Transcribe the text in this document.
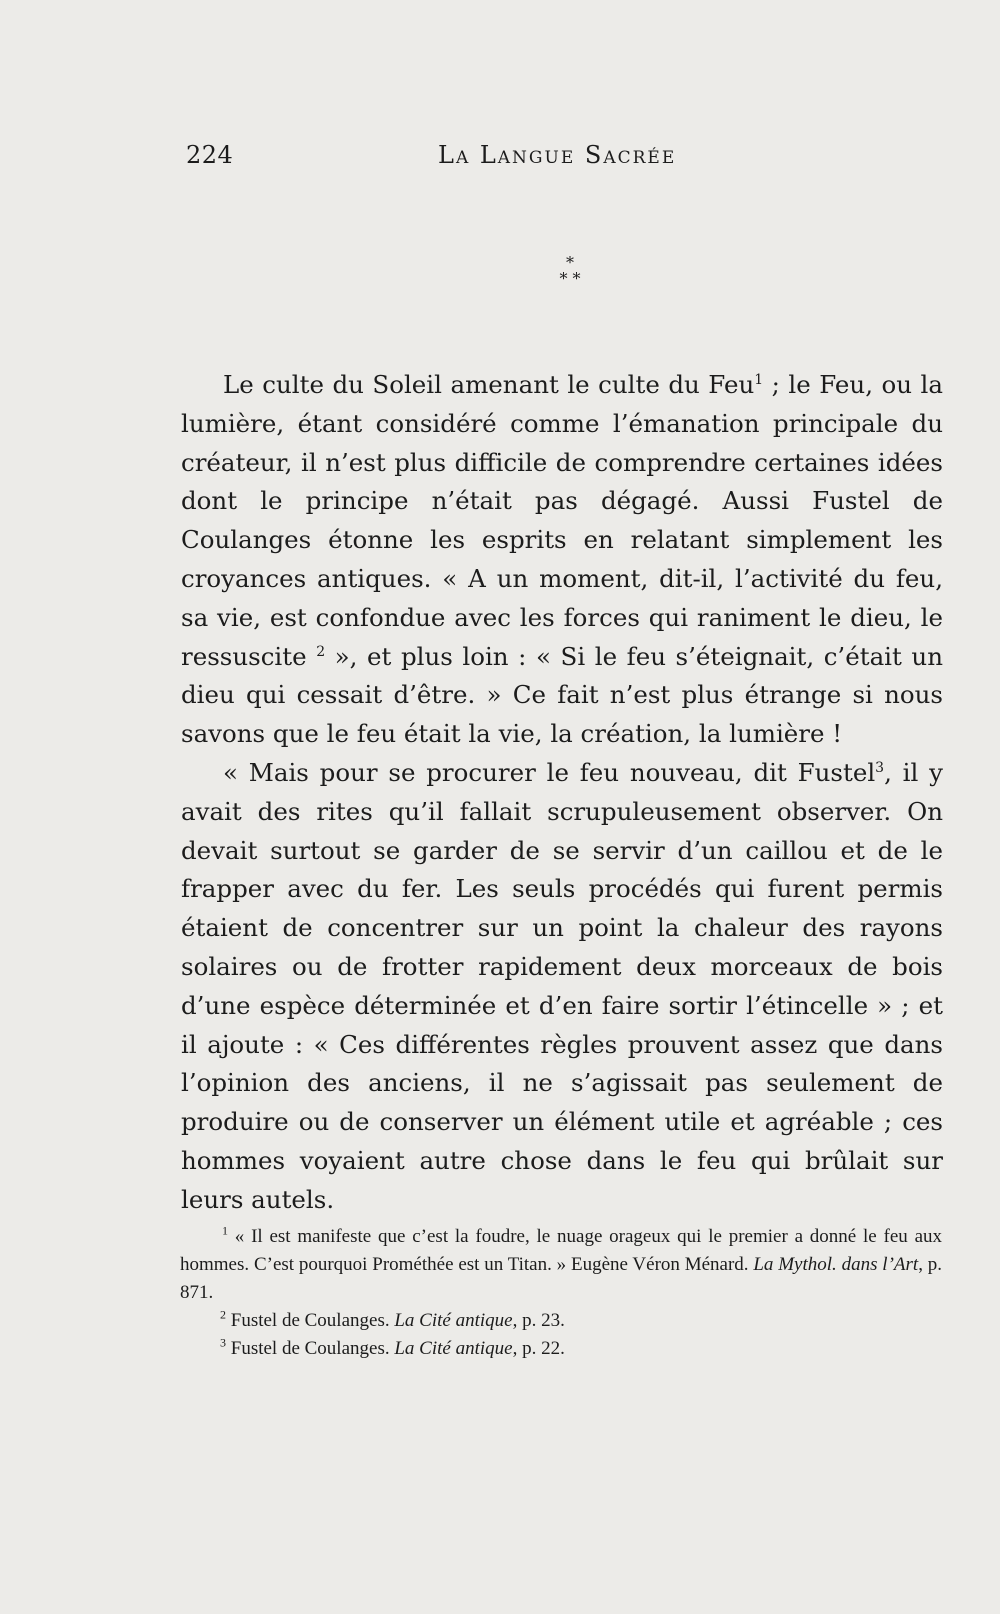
224	La Langue Sacrée
*
* *

Le culte du Soleil amenant le culte du Feu$^1$ ; le Feu, ou la lumière, étant considéré comme l’émanation principale du créateur, il n’est plus difficile de comprendre certaines idées dont le principe n’était pas dégagé. Aussi Fustel de Coulanges étonne les esprits en relatant simplement les croyances antiques. « A un moment, dit-il, l’activité du feu, sa vie, est confondue avec les forces qui raniment le dieu, le ressuscite $^2$ », et plus loin : « Si le feu s’éteignait, c’était un dieu qui cessait d’être. » Ce fait n’est plus étrange si nous savons que le feu était la vie, la création, la lumière !

« Mais pour se procurer le feu nouveau, dit Fustel$^3$, il y avait des rites qu’il fallait scrupuleusement observer. On devait surtout se garder de se servir d’un caillou et de le frapper avec du fer. Les seuls procédés qui furent permis étaient de concentrer sur un point la chaleur des rayons solaires ou de frotter rapidement deux morceaux de bois d’une espèce déterminée et d’en faire sortir l’étincelle » ; et il ajoute : « Ces différentes règles prouvent assez que dans l’opinion des anciens, il ne s’agissait pas seulement de produire ou de conserver un élément utile et agréable ; ces hommes voyaient autre chose dans le feu qui brûlait sur leurs autels.

$^1$ « Il est manifeste que c’est la foudre, le nuage orageux qui le premier a donné le feu aux hommes. C’est pourquoi Prométhée est un Titan. » Eugène Véron Ménard. La Mythol. dans l’Art, p. 871.

$^2$ Fustel de Coulanges. La Cité antique, p. 23.

$^3$ Fustel de Coulanges. La Cité antique, p. 22.
